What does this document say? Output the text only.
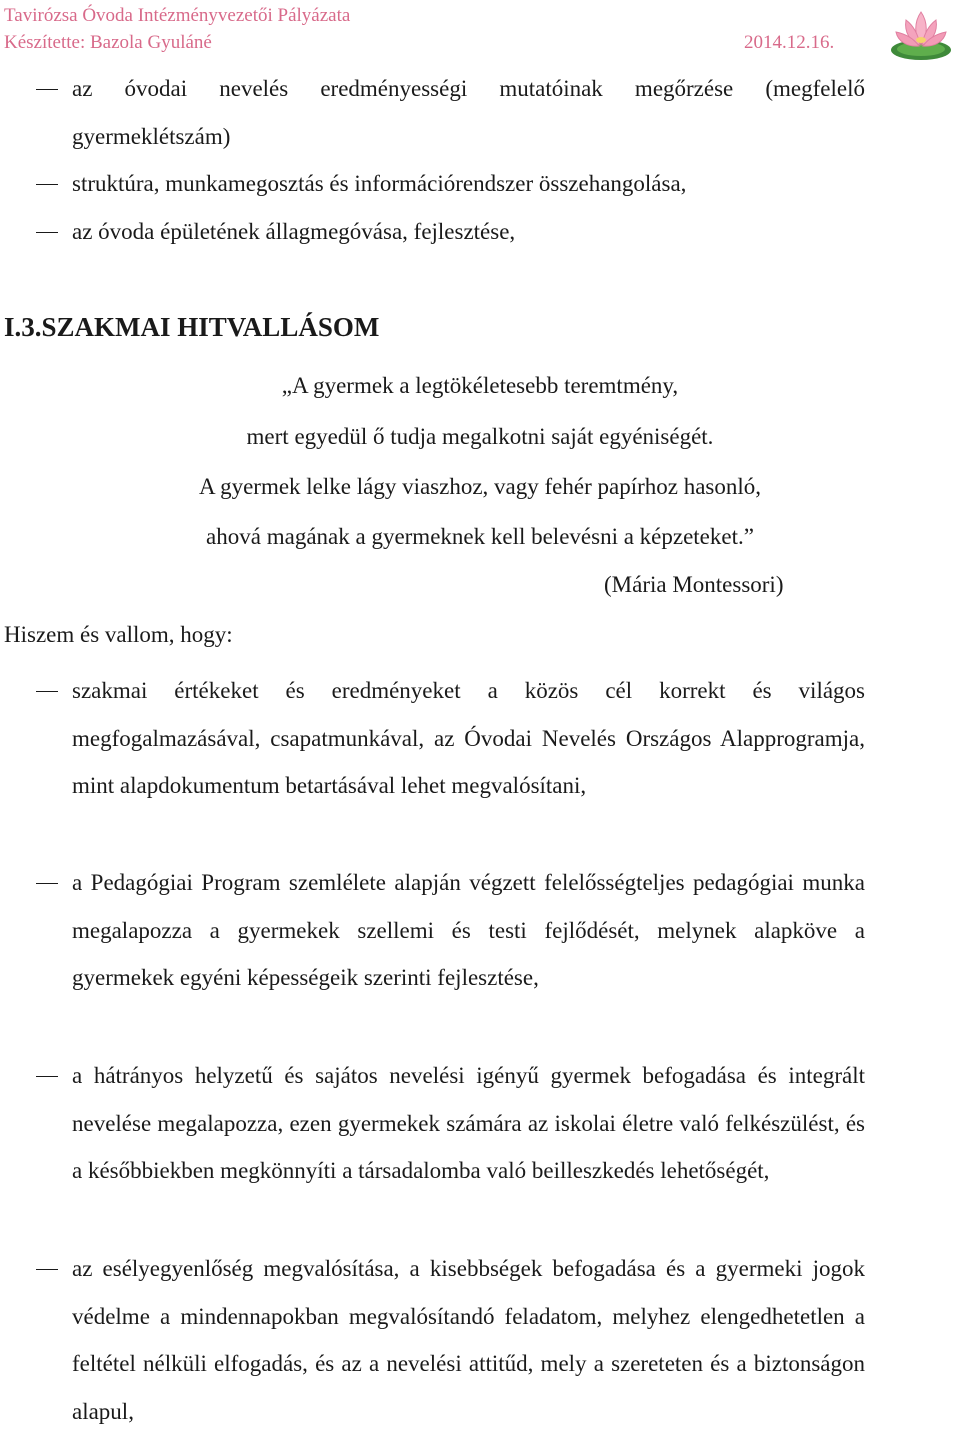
Tavirózsa Óvoda Intézményvezetői Pályázata
Készítette: Bazola Gyuláné	2014.12.16.

az óvodai nevelés eredményességi mutatóinak megőrzése (megfelelő gyermeklétszám)

struktúra, munkamegosztás és információrendszer összehangolása,

az óvoda épületének állagmegóvása, fejlesztése,

I.3.SZAKMAI HITVALLÁSOM
„A gyermek a legtökéletesebb teremtmény,
mert egyedül ő tudja megalkotni saját egyéniségét.
A gyermek lelke lágy viaszhoz, vagy fehér papírhoz hasonló,
ahová magának a gyermeknek kell belevésni a képzeteket.”
(Mária Montessori)
Hiszem és vallom, hogy:

szakmai értékeket és eredményeket a közös cél korrekt és világos megfogalmazásával, csapatmunkával, az Óvodai Nevelés Országos Alapprogramja, mint alapdokumentum betartásával lehet megvalósítani,

a Pedagógiai Program szemlélete alapján végzett felelősségteljes pedagógiai munka megalapozza a gyermekek szellemi és testi fejlődését, melynek alapköve a gyermekek egyéni képességeik szerinti fejlesztése,

a hátrányos helyzetű és sajátos nevelési igényű gyermek befogadása és integrált nevelése megalapozza, ezen gyermekek számára az iskolai életre való felkészülést, és a későbbiekben megkönnyíti a társadalomba való beilleszkedés lehetőségét,

az esélyegyenlőség megvalósítása, a kisebbségek befogadása és a gyermeki jogok védelme a mindennapokban megvalósítandó feladatom, melyhez elengedhetetlen a feltétel nélküli elfogadás, és az a nevelési attitűd, mely a szereteten és a biztonságon alapul,
